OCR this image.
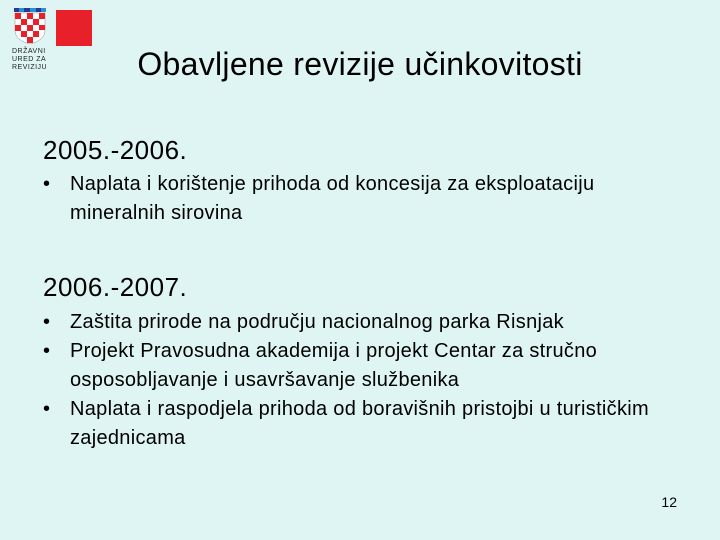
DRŽAVNI
URED ZA
REVIZIJU	Obavljene revizije učinkovitosti
2005.-2006.
• Naplata i korištenje prihoda od koncesija za eksploataciju mineralnih sirovina
2006.-2007.
• Zaštita prirode na području nacionalnog parka Risnjak
• Projekt Pravosudna akademija i projekt Centar za stručno osposobljavanje i usavršavanje službenika
• Naplata i raspodjela prihoda od boravišnih pristojbi u turističkim zajednicama
12
